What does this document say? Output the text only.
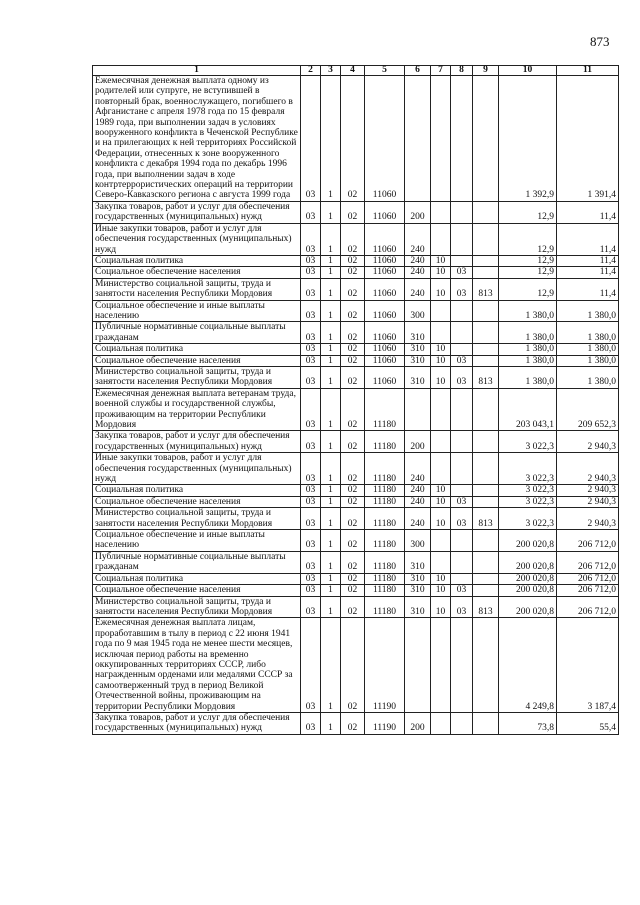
873
1	2	3	4	5	6	7	8	9	10	11
Ежемесячная денежная выплата одному из родителей или супруге, не вступившей в повторный брак, военнослужащего, погибшего в Афганистане с апреля 1978 года по 15 февраля 1989 года, при выполнении задач в условиях вооруженного конфликта в Чеченской Республике и на прилегающих к ней территориях Российской Федерации, отнесенных к зоне вооруженного конфликта с декабря 1994 года по декабрь 1996 года, при выполнении задач в ходе контртеррористических операций на территории Северо-Кавказского региона с августа 1999 года	03	1	02	11060					1 392,9	1 391,4
Закупка товаров, работ и услуг для обеспечения государственных (муниципальных) нужд	03	1	02	11060	200				12,9	11,4
Иные закупки товаров, работ и услуг для обеспечения государственных (муниципальных) нужд	03	1	02	11060	240				12,9	11,4
Социальная политика	03	1	02	11060	240	10			12,9	11,4
Социальное обеспечение населения	03	1	02	11060	240	10	03		12,9	11,4
Министерство социальной защиты, труда и занятости населения Республики Мордовия	03	1	02	11060	240	10	03	813	12,9	11,4
Социальное обеспечение и иные выплаты населению	03	1	02	11060	300				1 380,0	1 380,0
Публичные нормативные социальные выплаты гражданам	03	1	02	11060	310				1 380,0	1 380,0
Социальная политика	03	1	02	11060	310	10			1 380,0	1 380,0
Социальное обеспечение населения	03	1	02	11060	310	10	03		1 380,0	1 380,0
Министерство социальной защиты, труда и занятости населения Республики Мордовия	03	1	02	11060	310	10	03	813	1 380,0	1 380,0
Ежемесячная денежная выплата ветеранам труда, военной службы и государственной службы, проживающим на территории Республики Мордовия	03	1	02	11180					203 043,1	209 652,3
Закупка товаров, работ и услуг для обеспечения государственных (муниципальных) нужд	03	1	02	11180	200				3 022,3	2 940,3
Иные закупки товаров, работ и услуг для обеспечения государственных (муниципальных) нужд	03	1	02	11180	240				3 022,3	2 940,3
Социальная политика	03	1	02	11180	240	10			3 022,3	2 940,3
Социальное обеспечение населения	03	1	02	11180	240	10	03		3 022,3	2 940,3
Министерство социальной защиты, труда и занятости населения Республики Мордовия	03	1	02	11180	240	10	03	813	3 022,3	2 940,3
Социальное обеспечение и иные выплаты населению	03	1	02	11180	300				200 020,8	206 712,0
Публичные нормативные социальные выплаты гражданам	03	1	02	11180	310				200 020,8	206 712,0
Социальная политика	03	1	02	11180	310	10			200 020,8	206 712,0
Социальное обеспечение населения	03	1	02	11180	310	10	03		200 020,8	206 712,0
Министерство социальной защиты, труда и занятости населения Республики Мордовия	03	1	02	11180	310	10	03	813	200 020,8	206 712,0
Ежемесячная денежная выплата лицам, проработавшим в тылу в период с 22 июня 1941 года по 9 мая 1945 года не менее шести месяцев, исключая период работы на временно оккупированных территориях СССР, либо награжденным орденами или медалями СССР за самоотверженный труд в период Великой Отечественной войны, проживающим на территории Республики Мордовия	03	1	02	11190					4 249,8	3 187,4
Закупка товаров, работ и услуг для обеспечения государственных (муниципальных) нужд	03	1	02	11190	200				73,8	55,4
